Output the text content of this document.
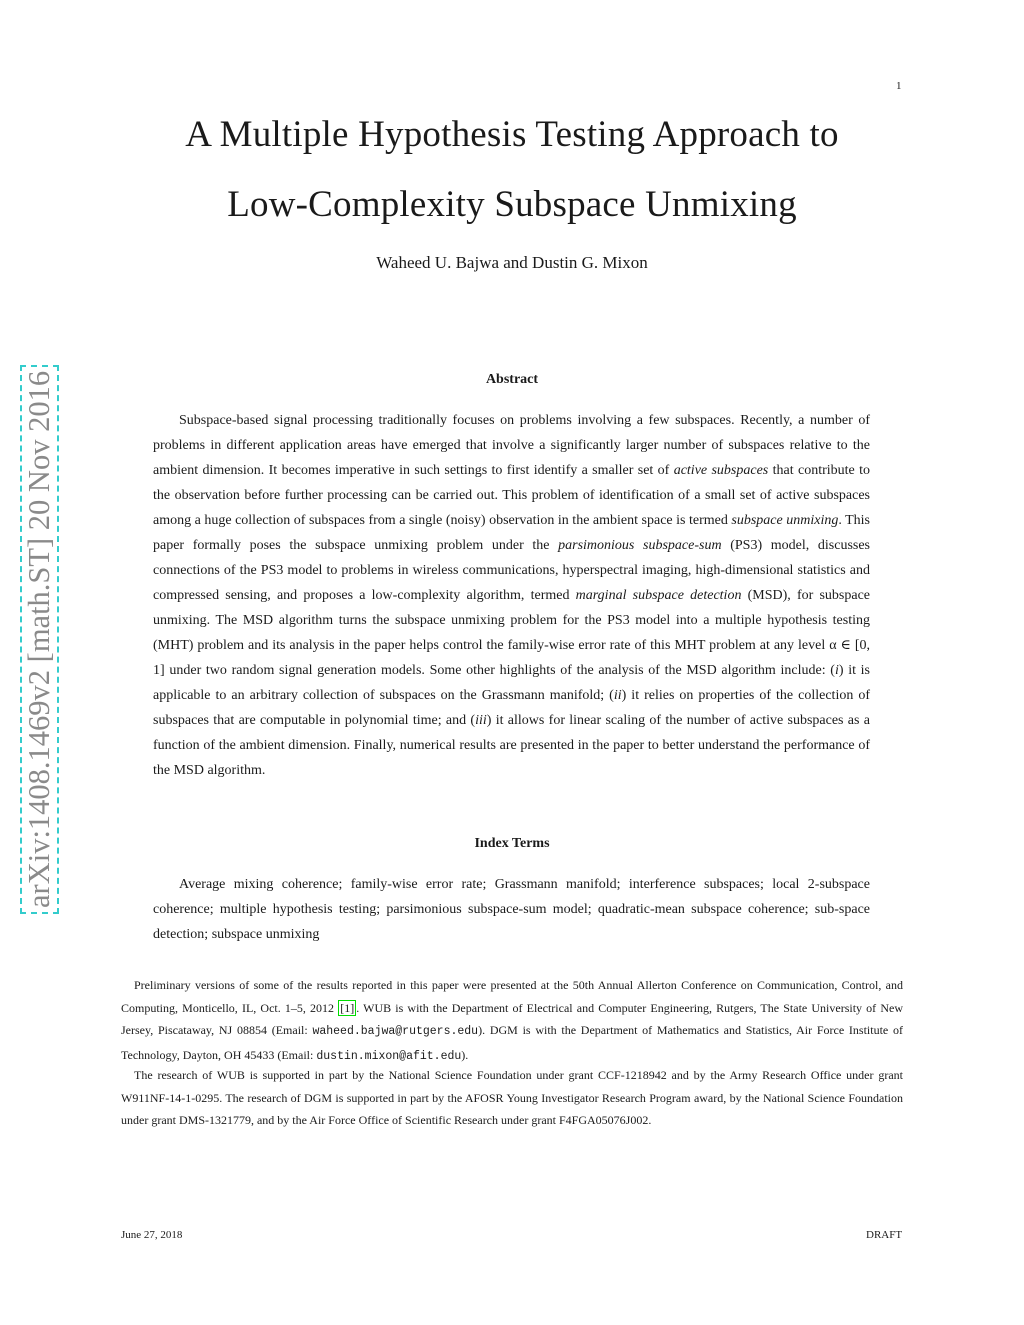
1
A Multiple Hypothesis Testing Approach to
Low-Complexity Subspace Unmixing
Waheed U. Bajwa and Dustin G. Mixon
arXiv:1408.1469v2 [math.ST] 20 Nov 2016	Abstract

Subspace-based signal processing traditionally focuses on problems involving a few subspaces. Recently, a number of problems in different application areas have emerged that involve a significantly larger number of subspaces relative to the ambient dimension. It becomes imperative in such settings to first identify a smaller set of active subspaces that contribute to the observation before further processing can be carried out. This problem of identification of a small set of active subspaces among a huge collection of subspaces from a single (noisy) observation in the ambient space is termed subspace unmixing. This paper formally poses the subspace unmixing problem under the parsimonious subspace-sum (PS3) model, discusses connections of the PS3 model to problems in wireless communications, hyperspectral imaging, high-dimensional statistics and compressed sensing, and proposes a low-complexity algorithm, termed marginal subspace detection (MSD), for subspace unmixing. The MSD algorithm turns the subspace unmixing problem for the PS3 model into a multiple hypothesis testing (MHT) problem and its analysis in the paper helps control the family-wise error rate of this MHT problem at any level α ∈ [0, 1] under two random signal generation models. Some other highlights of the analysis of the MSD algorithm include: (i) it is applicable to an arbitrary collection of subspaces on the Grassmann manifold; (ii) it relies on properties of the collection of subspaces that are computable in polynomial time; and (iii) it allows for linear scaling of the number of active subspaces as a function of the ambient dimension. Finally, numerical results are presented in the paper to better understand the performance of the MSD algorithm.

Index Terms

Average mixing coherence; family-wise error rate; Grassmann manifold; interference subspaces; local 2-subspace coherence; multiple hypothesis testing; parsimonious subspace-sum model; quadratic-mean subspace coherence; sub-space detection; subspace unmixing

Preliminary versions of some of the results reported in this paper were presented at the 50th Annual Allerton Conference on Communication, Control, and Computing, Monticello, IL, Oct. 1–5, 2012 [1] . WUB is with the Department of Electrical and Computer Engineering, Rutgers, The State University of New Jersey, Piscataway, NJ 08854 (Email: waheed.bajwa@rutgers.edu). DGM is with the Department of Mathematics and Statistics, Air Force Institute of Technology, Dayton, OH 45433 (Email: dustin.mixon@afit.edu).

The research of WUB is supported in part by the National Science Foundation under grant CCF-1218942 and by the Army Research Office under grant W911NF-14-1-0295. The research of DGM is supported in part by the AFOSR Young Investigator Research Program award, by the National Science Foundation under grant DMS-1321779, and by the Air Force Office of Scientific Research under grant F4FGA05076J002.

June 27, 2018	DRAFT
